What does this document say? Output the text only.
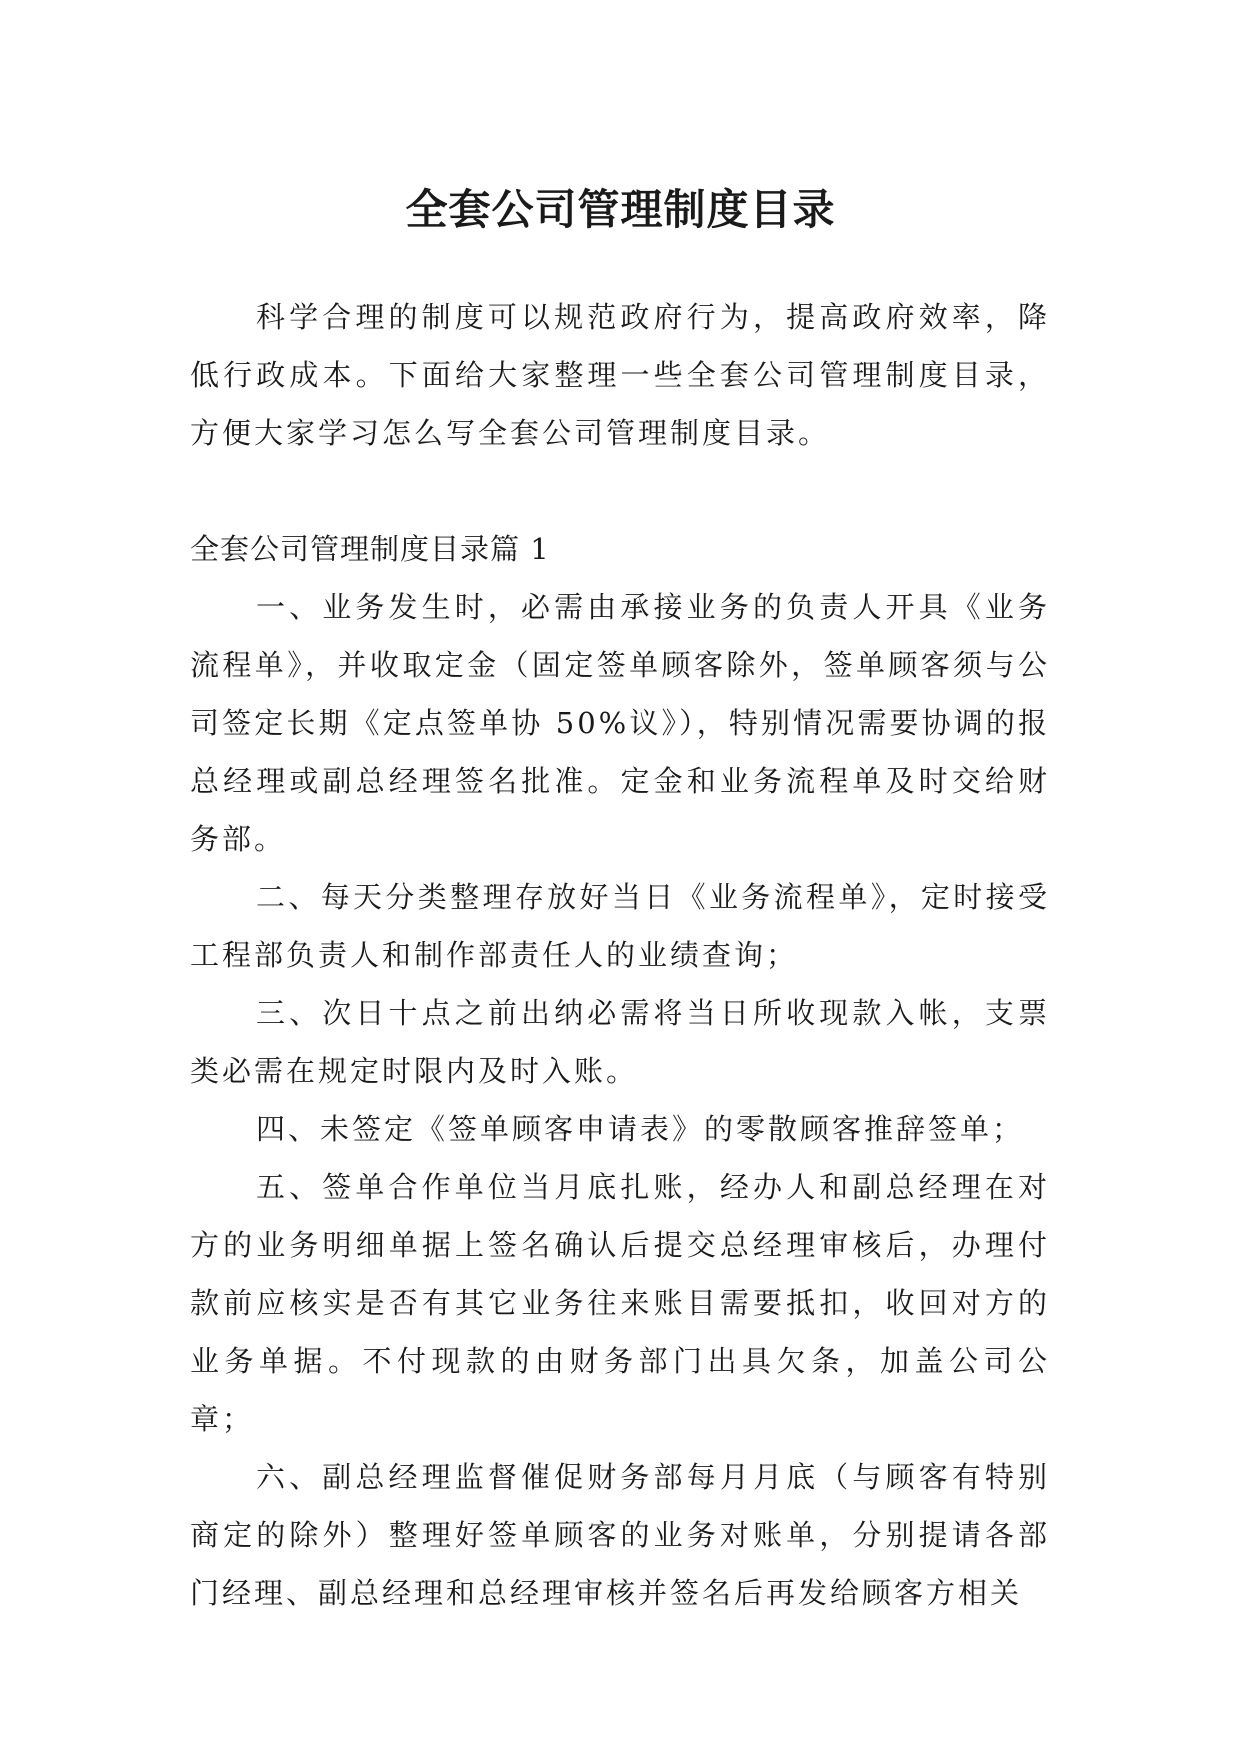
全套公司管理制度目录

科学合理的制度可以规范政府行为，提高政府效率，降低行政成本。下面给大家整理一些全套公司管理制度目录，方便大家学习怎么写全套公司管理制度目录。

全套公司管理制度目录篇 1

一、业务发生时，必需由承接业务的负责人开具《业务流程单》，并收取定金（固定签单顾客除外，签单顾客须与公司签定长期《定点签单协 50%议》），特别情况需要协调的报总经理或副总经理签名批准。定金和业务流程单及时交给财务部。

二、每天分类整理存放好当日《业务流程单》，定时接受工程部负责人和制作部责任人的业绩查询；

三、次日十点之前出纳必需将当日所收现款入帐，支票类必需在规定时限内及时入账。

四、未签定《签单顾客申请表》的零散顾客推辞签单；

五、签单合作单位当月底扎账，经办人和副总经理在对方的业务明细单据上签名确认后提交总经理审核后，办理付款前应核实是否有其它业务往来账目需要抵扣，收回对方的业务单据。不付现款的由财务部门出具欠条，加盖公司公章；

六、副总经理监督催促财务部每月月底（与顾客有特别商定的除外）整理好签单顾客的业务对账单，分别提请各部门经理、副总经理和总经理审核并签名后再发给顾客方相关
